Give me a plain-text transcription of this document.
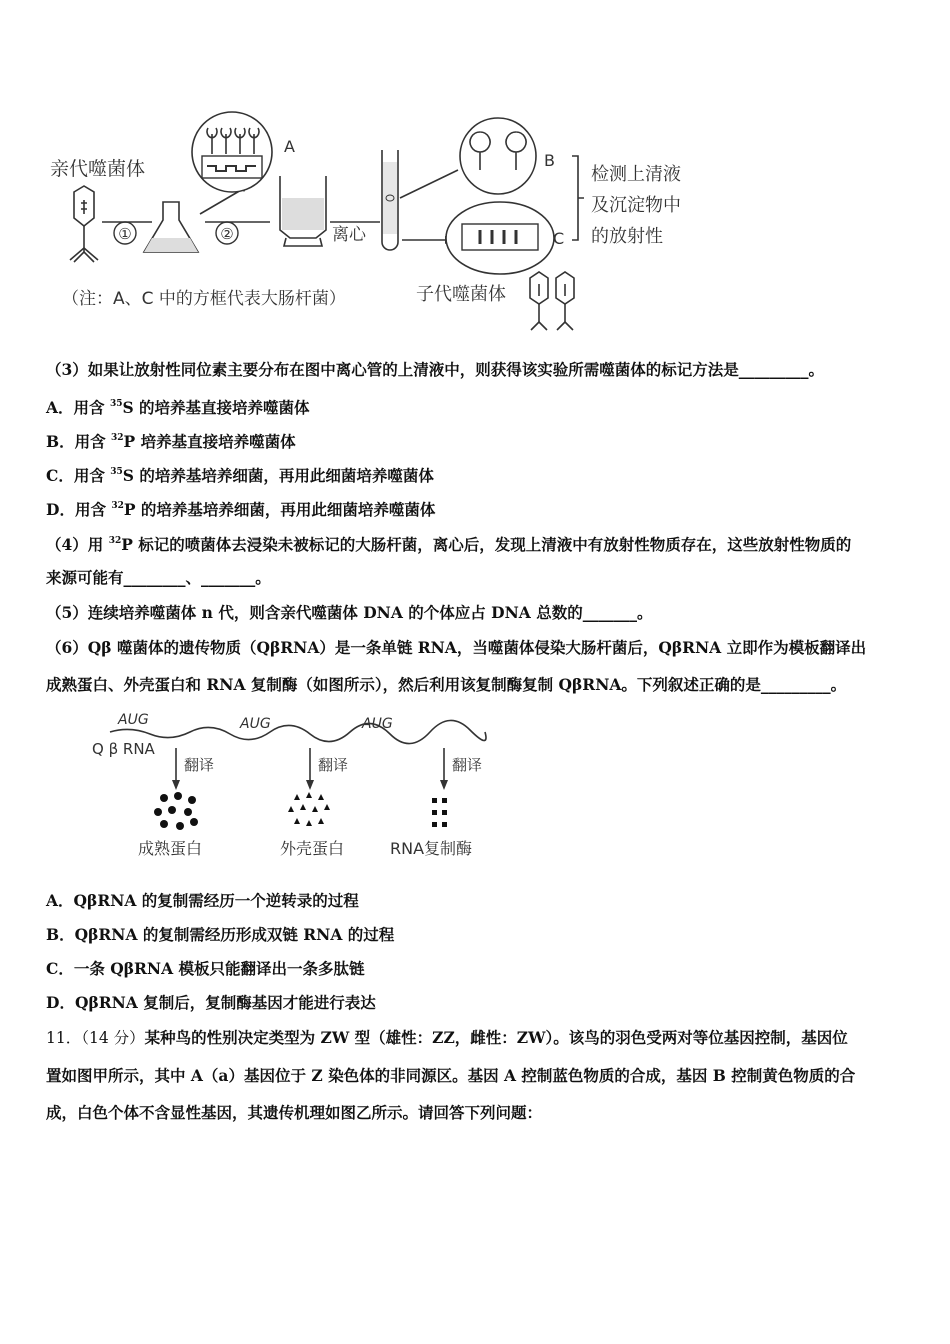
亲代噬菌体
①	②
A
离心
B
C
检测上清液
及沉淀物中
的放射性
（注：A、C 中的方框代表大肠杆菌）	子代噬菌体
（3）如果让放射性同位素主要分布在图中离心管的上清液中，则获得该实验所需噬菌体的标记方法是_________。
A．用含 $^{35}$S 的培养基直接培养噬菌体
B．用含 $^{32}$P 培养基直接培养噬菌体
C．用含 $^{35}$S 的培养基培养细菌，再用此细菌培养噬菌体
D．用含 $^{32}$P 的培养基培养细菌，再用此细菌培养噬菌体
（4）用 $^{32}$P 标记的喷菌体去浸染未被标记的大肠杆菌，离心后，发现上清液中有放射性物质存在，这些放射性物质的
来源可能有________、_______。
（5）连续培养噬菌体 n 代，则含亲代噬菌体 DNA 的个体应占 DNA 总数的_______。
（6）Qβ 噬菌体的遗传物质（QβRNA）是一条单链 RNA，当噬菌体侵染大肠杆菌后，QβRNA 立即作为模板翻译出
成熟蛋白、外壳蛋白和 RNA 复制酶（如图所示），然后利用该复制酶复制 QβRNA。下列叙述正确的是_________。
AUG	AUG	AUG
Q β RNA
翻译	翻译	翻译
成熟蛋白	外壳蛋白	RNA复制酶
A．QβRNA 的复制需经历一个逆转录的过程
B．QβRNA 的复制需经历形成双链 RNA 的过程
C．一条 QβRNA 模板只能翻译出一条多肽链
D．QβRNA 复制后，复制酶基因才能进行表达
11．（14 分）某种鸟的性别决定类型为 ZW 型（雄性：ZZ，雌性：ZW）。该鸟的羽色受两对等位基因控制，基因位
置如图甲所示，其中 A（a）基因位于 Z 染色体的非同源区。基因 A 控制蓝色物质的合成，基因 B 控制黄色物质的合
成，白色个体不含显性基因，其遗传机理如图乙所示。请回答下列问题：
